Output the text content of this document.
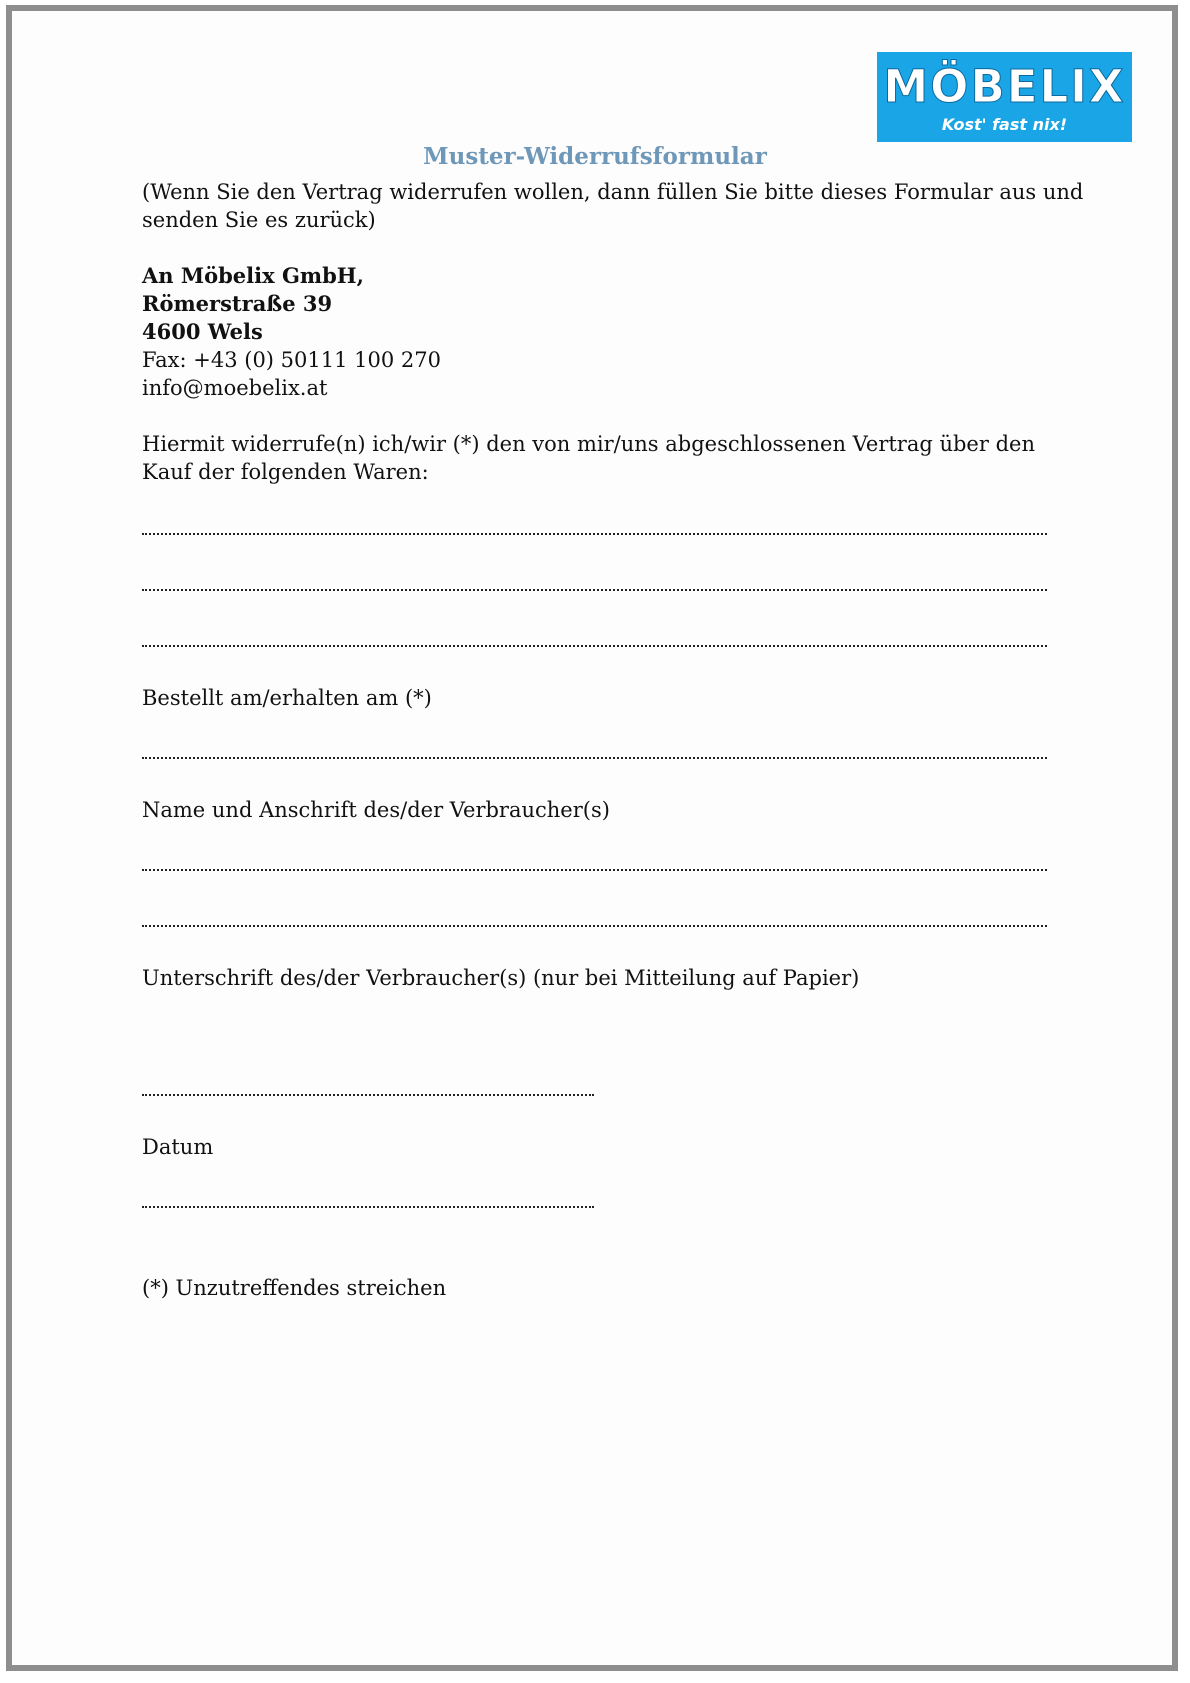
MÖBELIX
Kost' fast nix!
Muster-Widerrufsformular
(Wenn Sie den Vertrag widerrufen wollen, dann füllen Sie bitte dieses Formular aus und
senden Sie es zurück)
An Möbelix GmbH,
Römerstraße 39
4600 Wels
Fax: +43 (0) 50111 100 270
info@moebelix.at
Hiermit widerrufe(n) ich/wir (*) den von mir/uns abgeschlossenen Vertrag über den
Kauf der folgenden Waren:
Bestellt am/erhalten am (*)
Name und Anschrift des/der Verbraucher(s)
Unterschrift des/der Verbraucher(s) (nur bei Mitteilung auf Papier)
Datum
(*) Unzutreffendes streichen
